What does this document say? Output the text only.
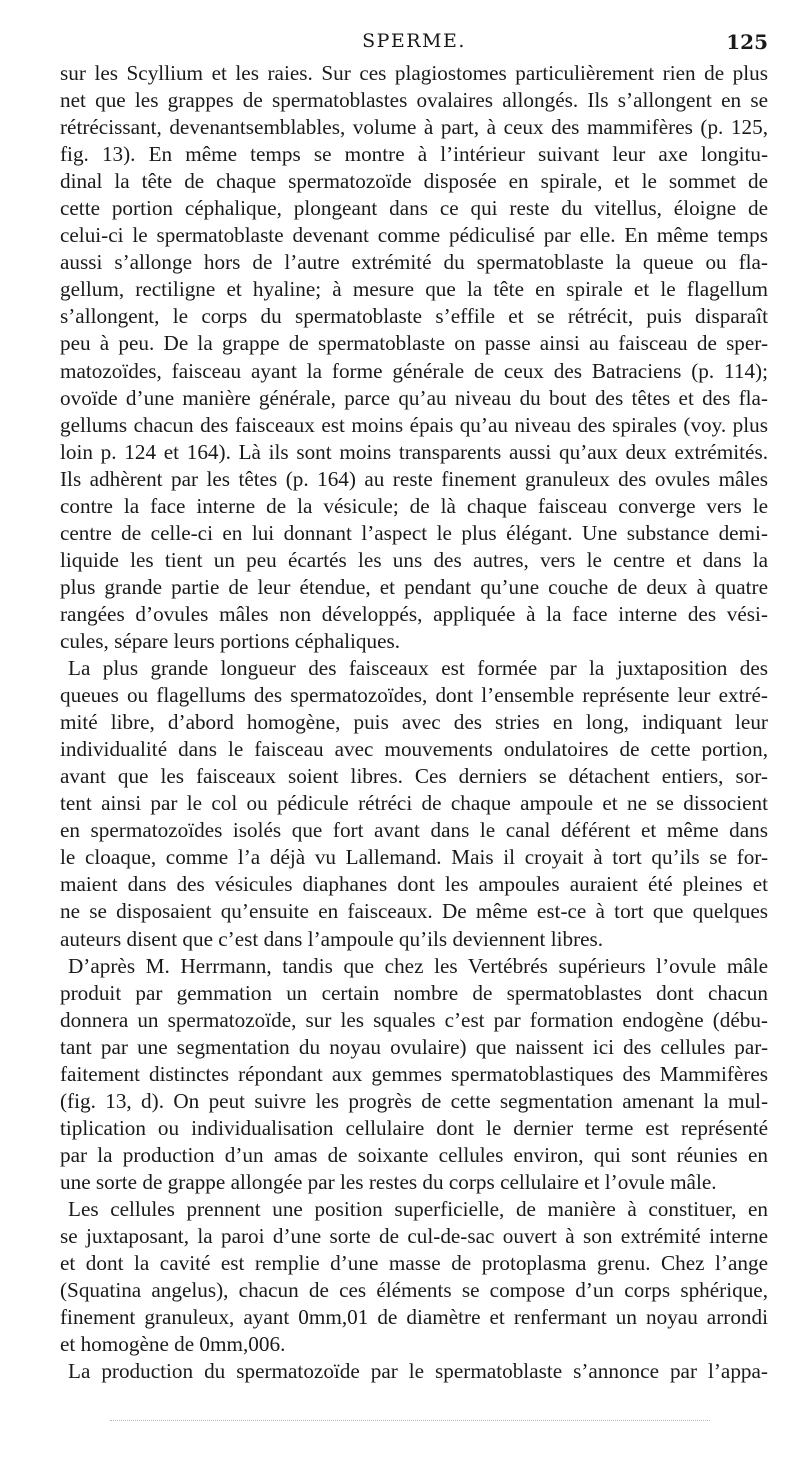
SPERME.	125
sur les Scyllium et les raies. Sur ces plagiostomes particulièrement rien de plus
net que les grappes de spermatoblastes ovalaires allongés. Ils s’allongent en se
rétrécissant, devenantsemblables, volume à part, à ceux des mammifères (p. 125,
fig. 13). En même temps se montre à l’intérieur suivant leur axe longitu-
dinal la tête de chaque spermatozoïde disposée en spirale, et le sommet de
cette portion céphalique, plongeant dans ce qui reste du vitellus, éloigne de
celui-ci le spermatoblaste devenant comme pédiculisé par elle. En même temps
aussi s’allonge hors de l’autre extrémité du spermatoblaste la queue ou fla-
gellum, rectiligne et hyaline; à mesure que la tête en spirale et le flagellum
s’allongent, le corps du spermatoblaste s’effile et se rétrécit, puis disparaît
peu à peu. De la grappe de spermatoblaste on passe ainsi au faisceau de sper-
matozoïdes, faisceau ayant la forme générale de ceux des Batraciens (p. 114);
ovoïde d’une manière générale, parce qu’au niveau du bout des têtes et des fla-
gellums chacun des faisceaux est moins épais qu’au niveau des spirales (voy. plus
loin p. 124 et 164). Là ils sont moins transparents aussi qu’aux deux extrémités.
Ils adhèrent par les têtes (p. 164) au reste finement granuleux des ovules mâles
contre la face interne de la vésicule; de là chaque faisceau converge vers le
centre de celle-ci en lui donnant l’aspect le plus élégant. Une substance demi-
liquide les tient un peu écartés les uns des autres, vers le centre et dans la
plus grande partie de leur étendue, et pendant qu’une couche de deux à quatre
rangées d’ovules mâles non développés, appliquée à la face interne des vési-
cules, sépare leurs portions céphaliques.
La plus grande longueur des faisceaux est formée par la juxtaposition des
queues ou flagellums des spermatozoïdes, dont l’ensemble représente leur extré-
mité libre, d’abord homogène, puis avec des stries en long, indiquant leur
individualité dans le faisceau avec mouvements ondulatoires de cette portion,
avant que les faisceaux soient libres. Ces derniers se détachent entiers, sor-
tent ainsi par le col ou pédicule rétréci de chaque ampoule et ne se dissocient
en spermatozoïdes isolés que fort avant dans le canal déférent et même dans
le cloaque, comme l’a déjà vu Lallemand. Mais il croyait à tort qu’ils se for-
maient dans des vésicules diaphanes dont les ampoules auraient été pleines et
ne se disposaient qu’ensuite en faisceaux. De même est-ce à tort que quelques
auteurs disent que c’est dans l’ampoule qu’ils deviennent libres.
D’après M. Herrmann, tandis que chez les Vertébrés supérieurs l’ovule mâle
produit par gemmation un certain nombre de spermatoblastes dont chacun
donnera un spermatozoïde, sur les squales c’est par formation endogène (débu-
tant par une segmentation du noyau ovulaire) que naissent ici des cellules par-
faitement distinctes répondant aux gemmes spermatoblastiques des Mammifères
(fig. 13, d). On peut suivre les progrès de cette segmentation amenant la mul-
tiplication ou individualisation cellulaire dont le dernier terme est représenté
par la production d’un amas de soixante cellules environ, qui sont réunies en
une sorte de grappe allongée par les restes du corps cellulaire et l’ovule mâle.
Les cellules prennent une position superficielle, de manière à constituer, en
se juxtaposant, la paroi d’une sorte de cul-de-sac ouvert à son extrémité interne
et dont la cavité est remplie d’une masse de protoplasma grenu. Chez l’ange
(Squatina angelus), chacun de ces éléments se compose d’un corps sphérique,
finement granuleux, ayant 0mm,01 de diamètre et renfermant un noyau arrondi
et homogène de 0mm,006.
La production du spermatozoïde par le spermatoblaste s’annonce par l’appa-
